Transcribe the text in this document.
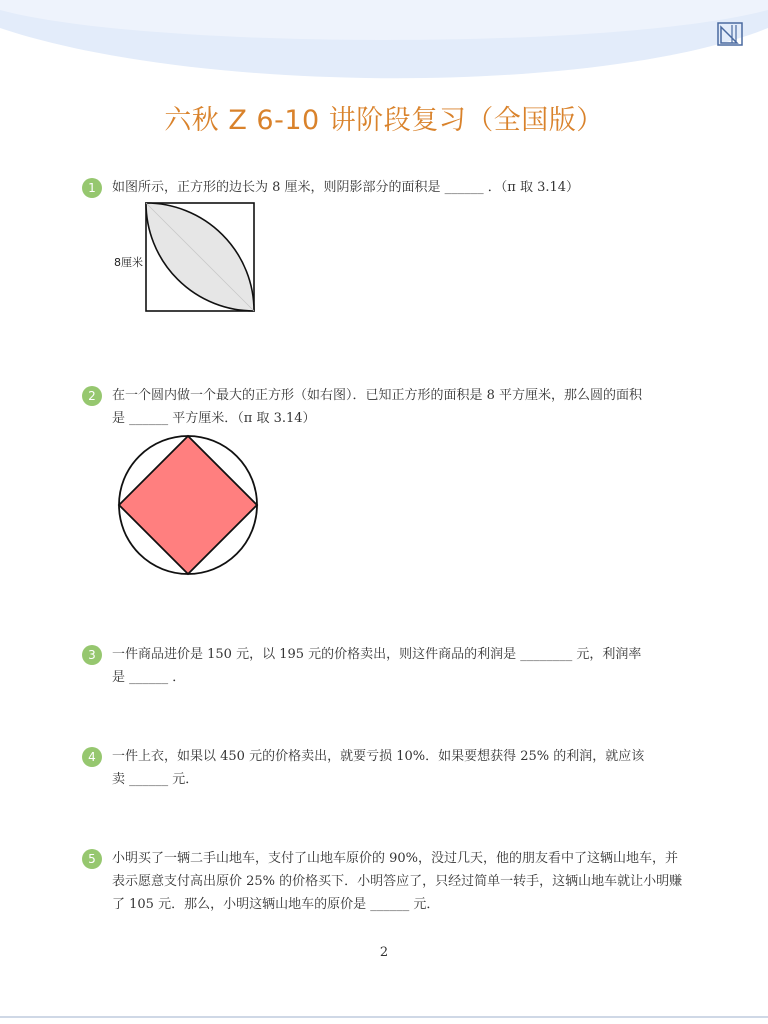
六秋 Z 6-10 讲阶段复习（全国版）
1	如图所示，正方形的边长为 8 厘米，则阴影部分的面积是 ______ ．（π 取 3.14）
8厘米
2	在一个圆内做一个最大的正方形（如右图）．已知正方形的面积是 8 平方厘米，那么圆的面积
是 ______ 平方厘米．（π 取 3.14）
3	一件商品进价是 150 元，以 195 元的价格卖出，则这件商品的利润是 ________ 元，利润率
是 ______ ．
4	一件上衣，如果以 450 元的价格卖出，就要亏损 10%．如果要想获得 25% 的利润，就应该
卖 ______ 元．
5	小明买了一辆二手山地车，支付了山地车原价的 90%，没过几天，他的朋友看中了这辆山地车，并
表示愿意支付高出原价 25% 的价格买下．小明答应了，只经过简单一转手，这辆山地车就让小明赚
了 105 元．那么，小明这辆山地车的原价是 ______ 元．
2
